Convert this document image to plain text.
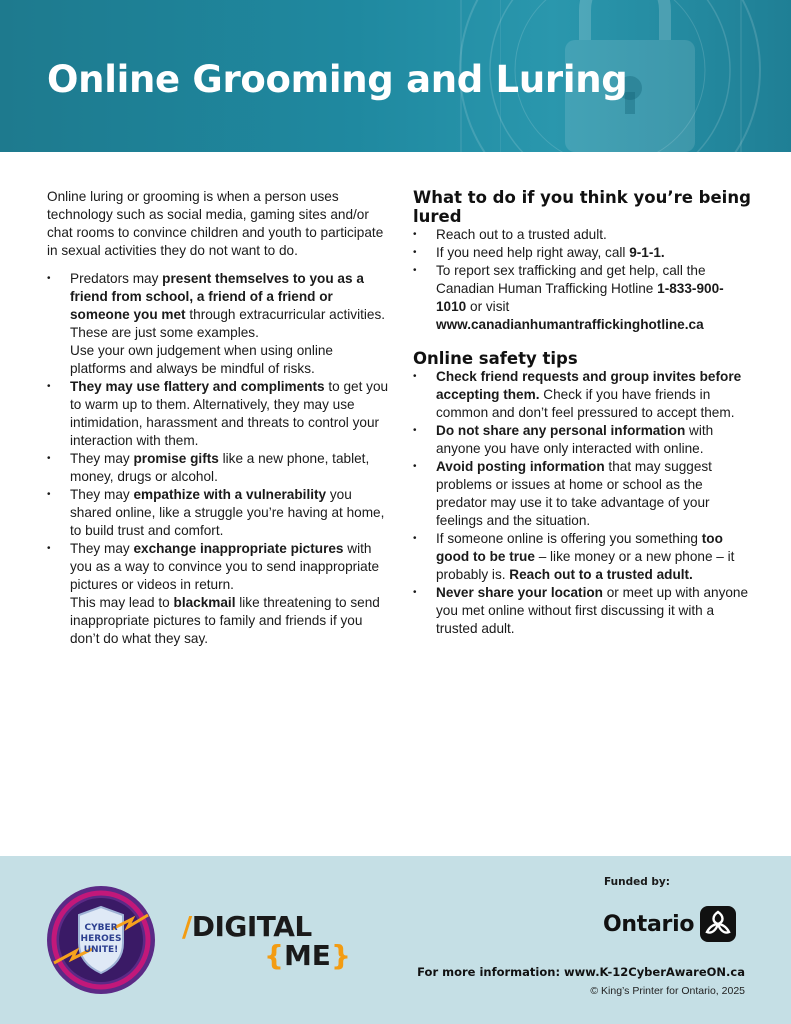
Online Grooming and Luring

Online luring or grooming is when a person uses technology such as social media, gaming sites and/or chat rooms to convince children and youth to participate in sexual activities they do not want to do.

• Predators may present themselves to you as a friend from school, a friend of a friend or someone you met through extracurricular activities. These are just some examples.
Use your own judgement when using online platforms and always be mindful of risks.
• They may use flattery and compliments to get you to warm up to them. Alternatively, they may use intimidation, harassment and threats to control your interaction with them.
• They may promise gifts like a new phone, tablet, money, drugs or alcohol.
• They may empathize with a vulnerability you shared online, like a struggle you’re having at home, to build trust and comfort.
• They may exchange inappropriate pictures with you as a way to convince you to send inappropriate pictures or videos in return.
This may lead to blackmail like threatening to send inappropriate pictures to family and friends if you don’t do what they say.
What to do if you think you’re being lured
• Reach out to a trusted adult.
• If you need help right away, call 9-1-1.
• To report sex trafficking and get help, call the Canadian Human Trafficking Hotline 1-833-900-1010 or visit www.canadianhumantraffickinghotline.ca
Online safety tips
• Check friend requests and group invites before accepting them. Check if you have friends in common and don’t feel pressured to accept them.
• Do not share any personal information with anyone you have only interacted with online.
• Avoid posting information that may suggest problems or issues at home or school as the predator may use it to take advantage of your feelings and the situation.
• If someone online is offering you something too good to be true – like money or a new phone – it probably is. Reach out to a trusted adult.
• Never share your location or meet up with anyone you met online without first discussing it with a trusted adult.
CYBER
HEROES
UNITE!
/DIGITAL
{ME}
Funded by:
Ontario
For more information: www.K-12CyberAwareON.ca
© King’s Printer for Ontario, 2025
